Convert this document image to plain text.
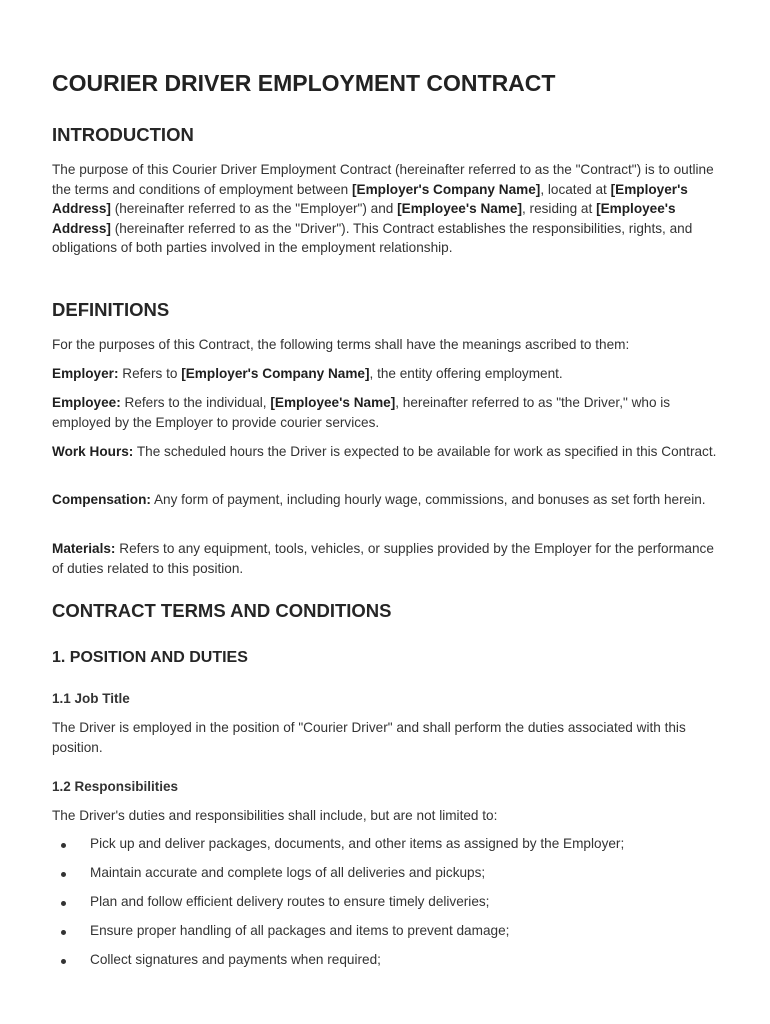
COURIER DRIVER EMPLOYMENT CONTRACT
INTRODUCTION

The purpose of this Courier Driver Employment Contract (hereinafter referred to as the "Contract") is to outline the terms and conditions of employment between [Employer's Company Name], located at [Employer's Address] (hereinafter referred to as the "Employer") and [Employee's Name], residing at [Employee's Address] (hereinafter referred to as the "Driver"). This Contract establishes the responsibilities, rights, and obligations of both parties involved in the employment relationship.

DEFINITIONS

For the purposes of this Contract, the following terms shall have the meanings ascribed to them:

Employer: Refers to [Employer's Company Name], the entity offering employment.

Employee: Refers to the individual, [Employee's Name], hereinafter referred to as "the Driver," who is employed by the Employer to provide courier services.

Work Hours: The scheduled hours the Driver is expected to be available for work as specified in this Contract.

Compensation: Any form of payment, including hourly wage, commissions, and bonuses as set forth herein.

Materials: Refers to any equipment, tools, vehicles, or supplies provided by the Employer for the performance of duties related to this position.

CONTRACT TERMS AND CONDITIONS
1. POSITION AND DUTIES
1.1 Job Title

The Driver is employed in the position of "Courier Driver" and shall perform the duties associated with this position.

1.2 Responsibilities

The Driver's duties and responsibilities shall include, but are not limited to:

Pick up and deliver packages, documents, and other items as assigned by the Employer;
Maintain accurate and complete logs of all deliveries and pickups;
Plan and follow efficient delivery routes to ensure timely deliveries;
Ensure proper handling of all packages and items to prevent damage;
Collect signatures and payments when required;
